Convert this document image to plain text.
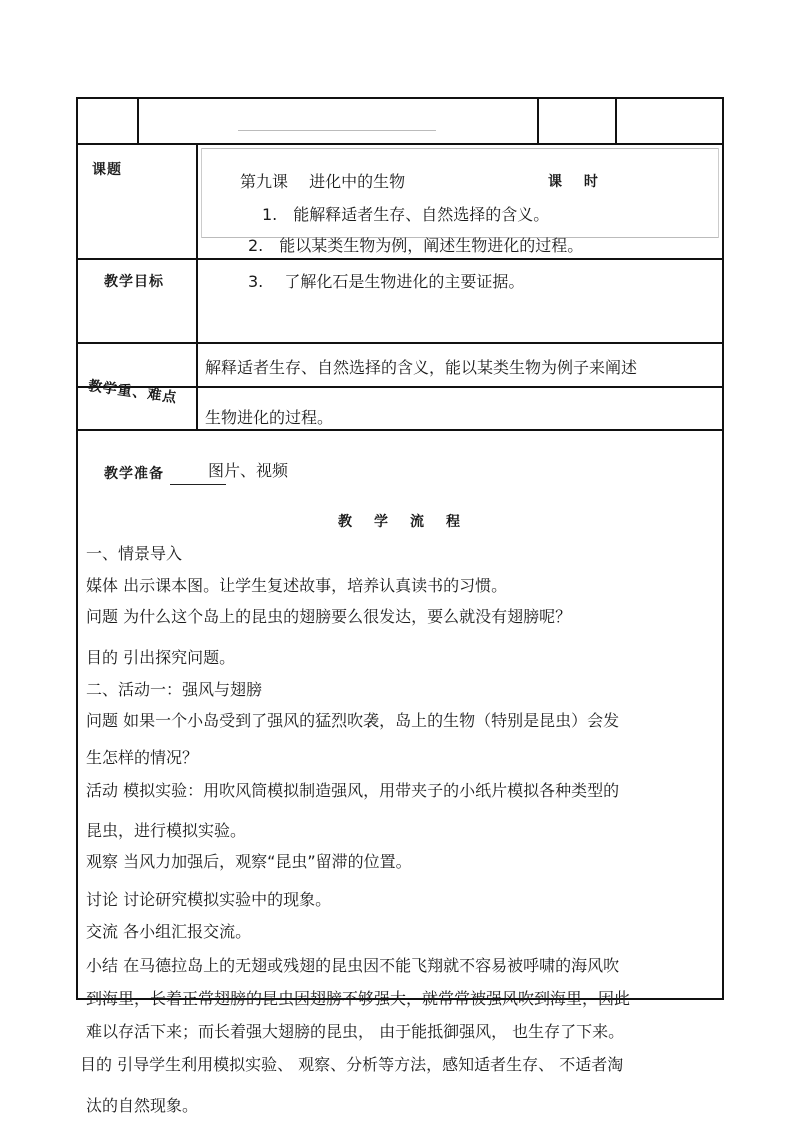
课题
第九课　 进化中的生物	课　 时
教学目标
1.　能解释适者生存、自然选择的含义。
2.　能以某类生物为例，阐述生物进化的过程。
3.　 了解化石是生物进化的主要证据。
教学重、难点
解释适者生存、自然选择的含义，能以某类生物为例子来阐述
生物进化的过程。
教学准备	图片、视频
教　学　流　程
一、情景导入
媒体 出示课本图。让学生复述故事，培养认真读书的习惯。
问题 为什么这个岛上的昆虫的翅膀要么很发达，要么就没有翅膀呢？
目的 引出探究问题。
二、活动一：强风与翅膀
问题 如果一个小岛受到了强风的猛烈吹袭，岛上的生物（特别是昆虫）会发
生怎样的情况？
活动 模拟实验：用吹风筒模拟制造强风，用带夹子的小纸片模拟各种类型的
昆虫，进行模拟实验。
观察 当风力加强后，观察“昆虫”留滞的位置。
讨论 讨论研究模拟实验中的现象。
交流 各小组汇报交流。
小结 在马德拉岛上的无翅或残翅的昆虫因不能飞翔就不容易被呼啸的海风吹
到海里，长着正常翅膀的昆虫因翅膀不够强大，就常常被强风吹到海里，因此
难以存活下来；而长着强大翅膀的昆虫， 由于能抵御强风， 也生存了下来。
目的 引导学生利用模拟实验、 观察、分析等方法，感知适者生存、 不适者淘
汰的自然现象。
